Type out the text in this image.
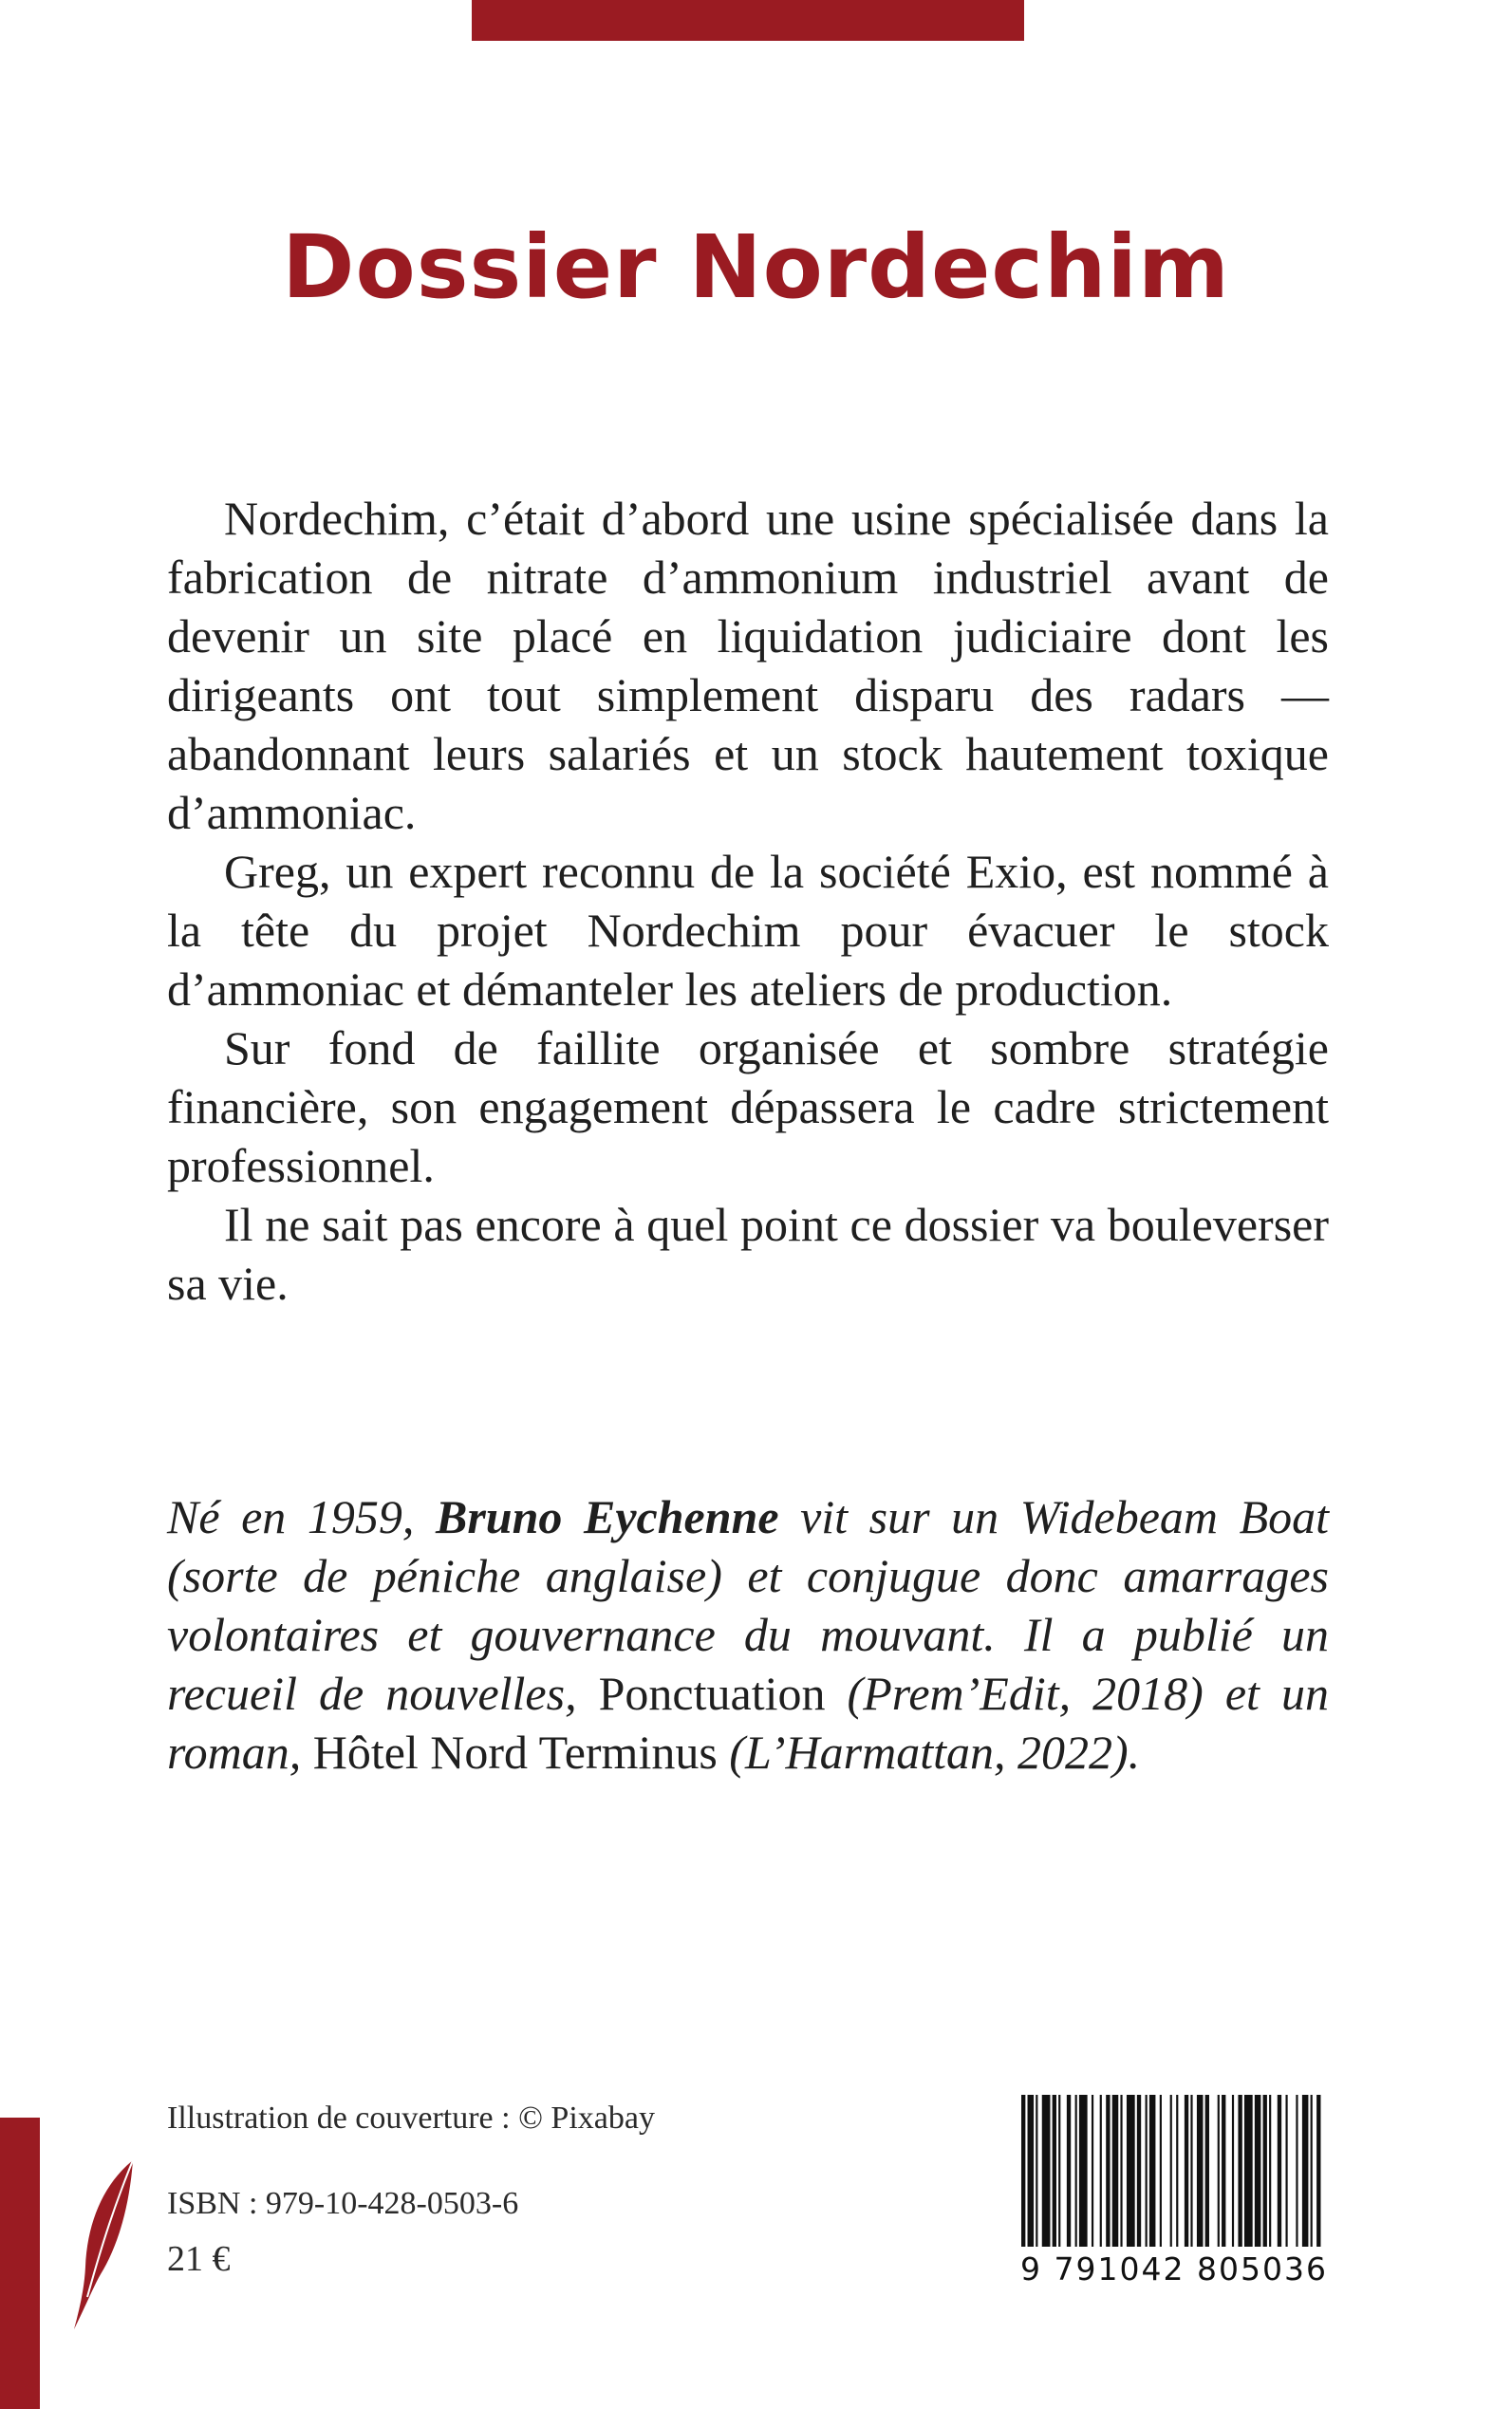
Dossier Nordechim

Nordechim, c’était d’abord une usine spécialisée dans la fabrication de nitrate d’ammonium industriel avant de devenir un site placé en liquidation judiciaire dont les dirigeants ont tout simplement disparu des radars — abandonnant leurs salariés et un stock hautement toxique d’ammoniac.

Greg, un expert reconnu de la société Exio, est nommé à la tête du projet Nordechim pour évacuer le stock d’ammoniac et démanteler les ateliers de production.

Sur fond de faillite organisée et sombre stratégie financière, son engagement dépassera le cadre strictement professionnel.

Il ne sait pas encore à quel point ce dossier va bouleverser sa vie.

Né en 1959, Bruno Eychenne vit sur un Widebeam Boat (sorte de péniche anglaise) et conjugue donc amarrages volontaires et gouvernance du mouvant. Il a publié un recueil de nouvelles, Ponctuation (Prem’Edit, 2018) et un roman, Hôtel Nord Terminus (L’Harmattan, 2022).
Illustration de couverture : © Pixabay
ISBN : 979-10-428-0503-6
21 €	9 791042 805036
